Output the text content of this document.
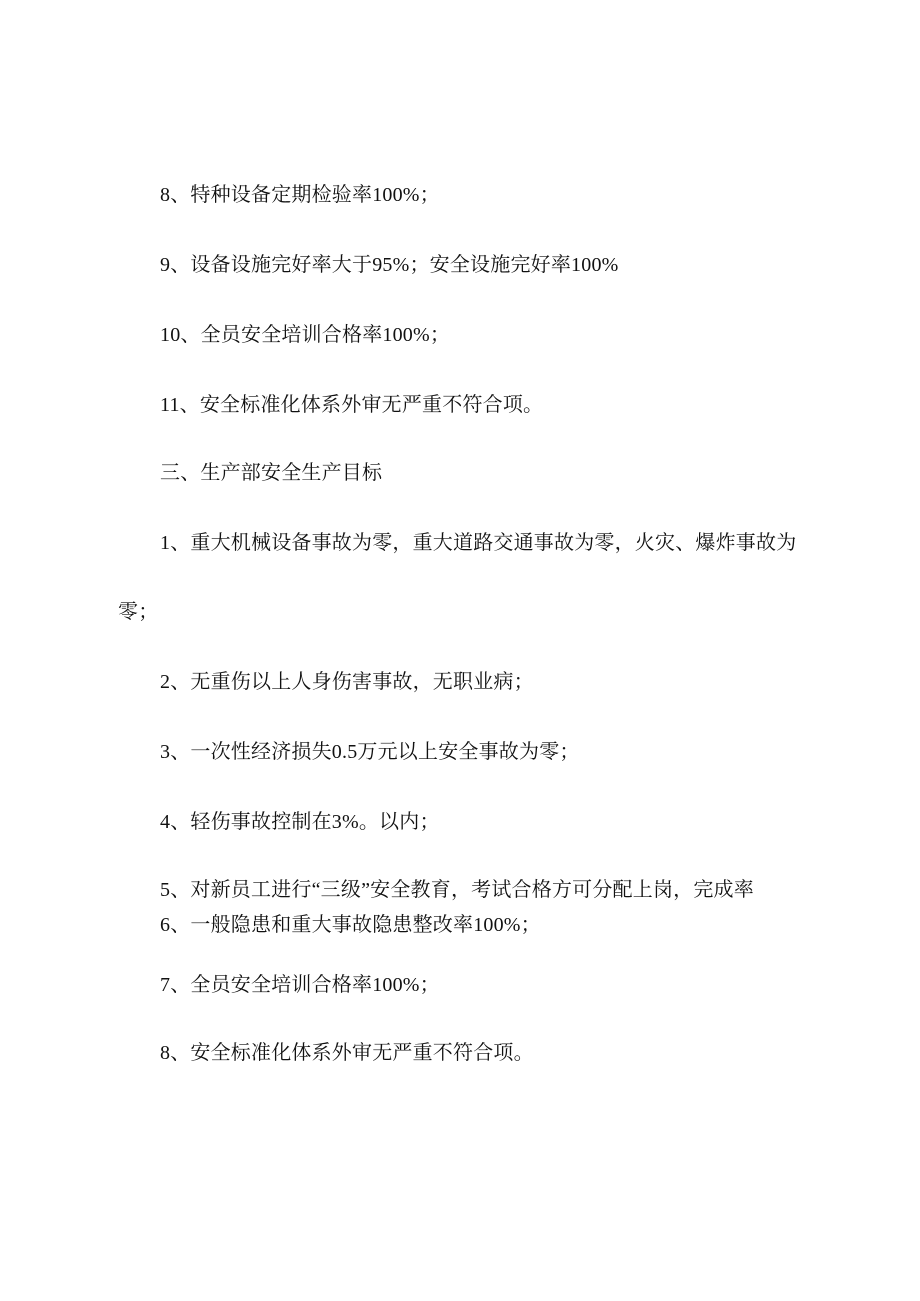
8、特种设备定期检验率100%；
9、设备设施完好率大于95%；安全设施完好率100%
10、全员安全培训合格率100%；
11、安全标准化体系外审无严重不符合项。
三、生产部安全生产目标
1、重大机械设备事故为零，重大道路交通事故为零，火灾、爆炸事故为
零；
2、无重伤以上人身伤害事故，无职业病；
3、一次性经济损失0.5万元以上安全事故为零；
4、轻伤事故控制在3%。以内；
5、对新员工进行“三级”安全教育，考试合格方可分配上岗，完成率
6、一般隐患和重大事故隐患整改率100%；
7、全员安全培训合格率100%；
8、安全标准化体系外审无严重不符合项。
